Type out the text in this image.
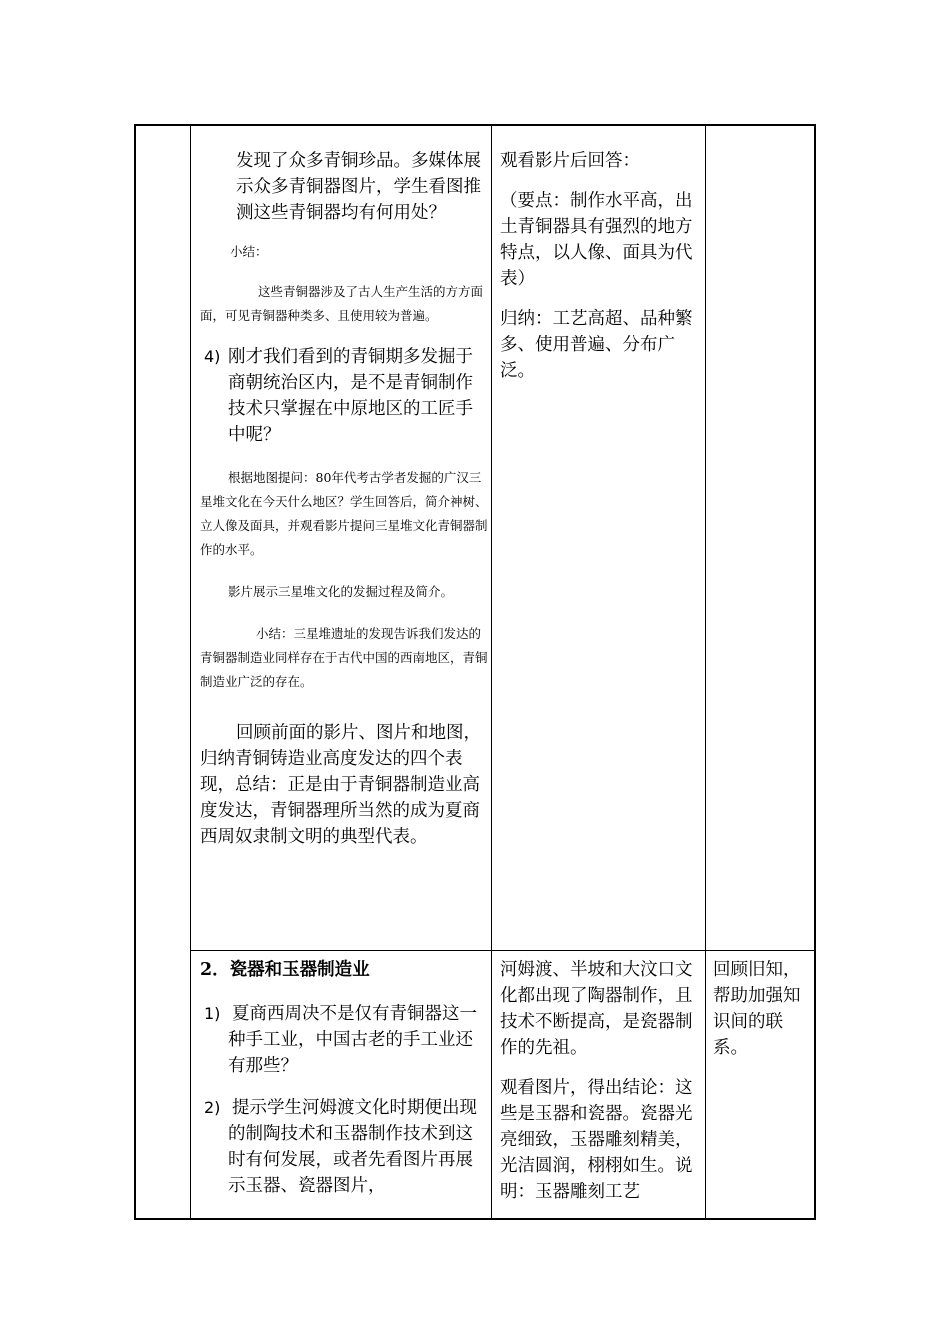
发现了众多青铜珍品。多媒体展示众多青铜器图片，学生看图推测这些青铜器均有何用处？

小结：

这些青铜器涉及了古人生产生活的方方面面，可见青铜器种类多、且使用较为普遍。

4) 刚才我们看到的青铜期多发掘于商朝统治区内，是不是青铜制作技术只掌握在中原地区的工匠手中呢？

根据地图提问：80年代考古学者发掘的广汉三星堆文化在今天什么地区？学生回答后，简介神树、立人像及面具，并观看影片提问三星堆文化青铜器制作的水平。

影片展示三星堆文化的发掘过程及简介。

小结：三星堆遗址的发现告诉我们发达的青铜器制造业同样存在于古代中国的西南地区，青铜制造业广泛的存在。

回顾前面的影片、图片和地图，归纳青铜铸造业高度发达的四个表现，总结：正是由于青铜器制造业高度发达，青铜器理所当然的成为夏商西周奴隶制文明的典型代表。

观看影片后回答：

（要点：制作水平高，出土青铜器具有强烈的地方特点，以人像、面具为代表）

归纳：工艺高超、品种繁多、使用普遍、分布广泛。

2．瓷器和玉器制造业

1) 夏商西周决不是仅有青铜器这一种手工业，中国古老的手工业还有那些？
2) 提示学生河姆渡文化时期便出现的制陶技术和玉器制作技术到这时有何发展，或者先看图片再展示玉器、瓷器图片，

河姆渡、半坡和大汶口文化都出现了陶器制作，且技术不断提高，是瓷器制作的先祖。

观看图片，得出结论：这些是玉器和瓷器。瓷器光亮细致，玉器雕刻精美，光洁圆润，栩栩如生。说明：玉器雕刻工艺

回顾旧知，帮助加强知识间的联系。
